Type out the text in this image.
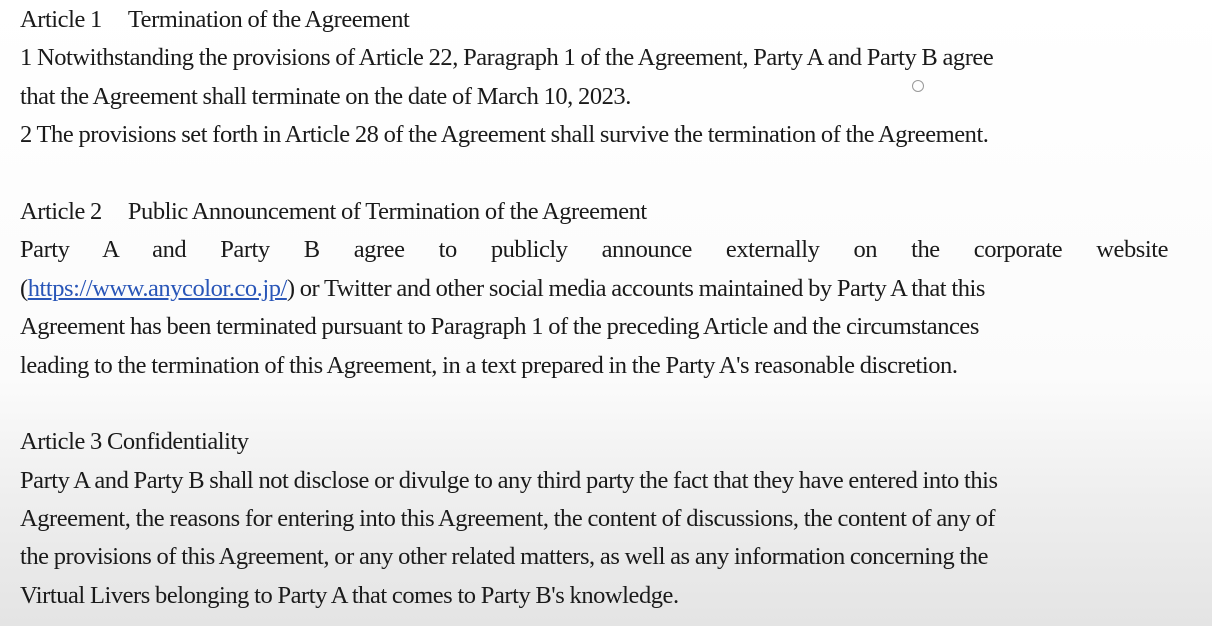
Article 1 Termination of the Agreement
1 Notwithstanding the provisions of Article 22, Paragraph 1 of the Agreement, Party A and Party B agree
that the Agreement shall terminate on the date of March 10, 2023.
2 The provisions set forth in Article 28 of the Agreement shall survive the termination of the Agreement.
Article 2 Public Announcement of Termination of the Agreement
Party A and Party B agree to publicly announce externally on the corporate website
(https://www.anycolor.co.jp/) or Twitter and other social media accounts maintained by Party A that this
Agreement has been terminated pursuant to Paragraph 1 of the preceding Article and the circumstances
leading to the termination of this Agreement, in a text prepared in the Party A's reasonable discretion.
Article 3 Confidentiality
Party A and Party B shall not disclose or divulge to any third party the fact that they have entered into this
Agreement, the reasons for entering into this Agreement, the content of discussions, the content of any of
the provisions of this Agreement, or any other related matters, as well as any information concerning the
Virtual Livers belonging to Party A that comes to Party B's knowledge.
